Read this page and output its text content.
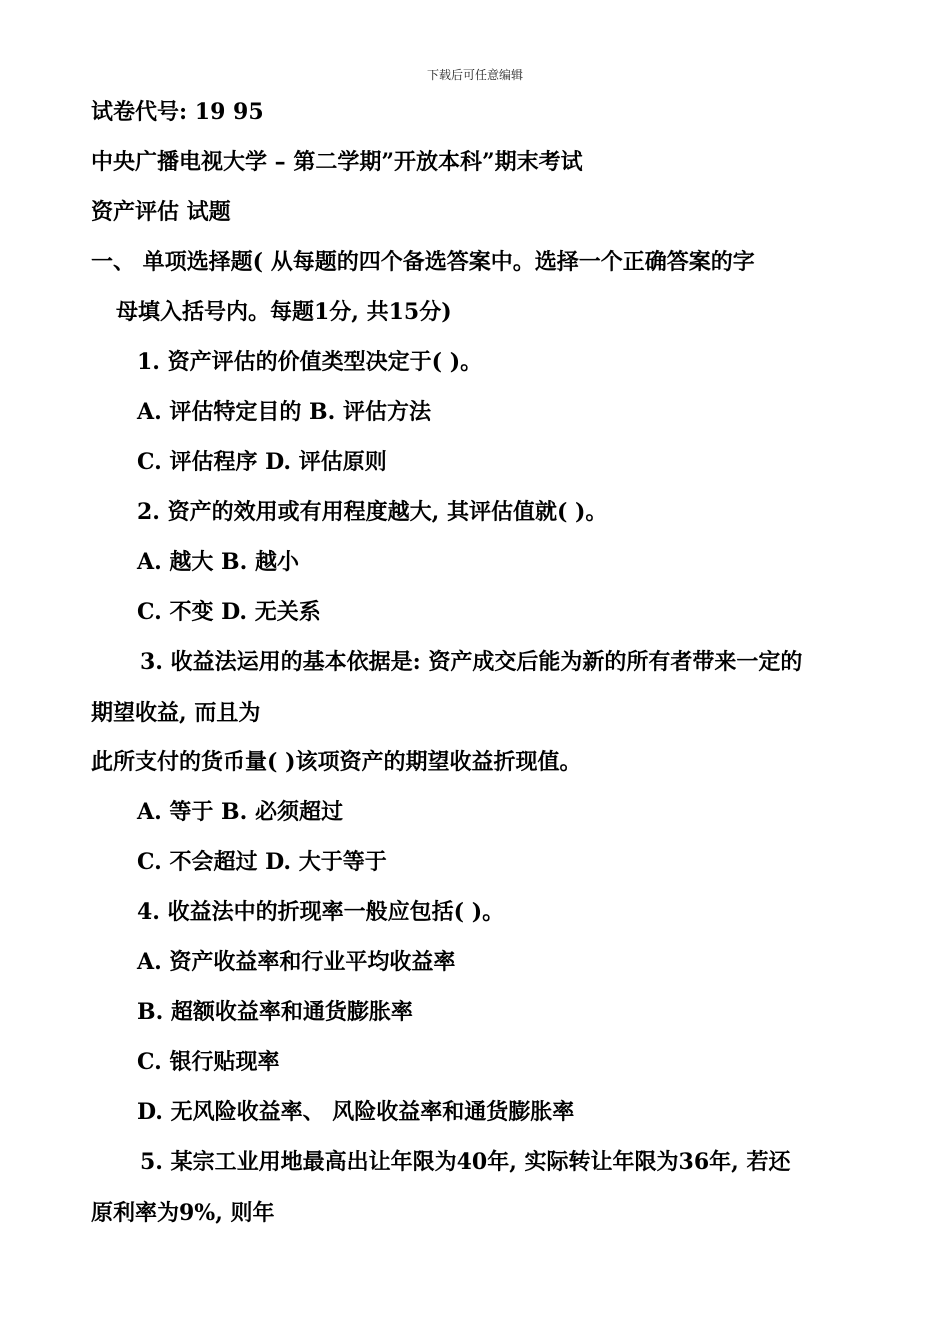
下载后可任意编辑
试卷代号: 19 95
中央广播电视大学 – 第二学期”开放本科”期末考试
资产评估 试题
一、 单项选择题( 从每题的四个备选答案中。选择一个正确答案的字
母填入括号内。每题1分, 共15分)
1. 资产评估的价值类型决定于( )。
A. 评估特定目的 B. 评估方法
C. 评估程序 D. 评估原则
2. 资产的效用或有用程度越大, 其评估值就( )。
A. 越大 B. 越小
C. 不变 D. 无关系
3. 收益法运用的基本依据是: 资产成交后能为新的所有者带来一定的
期望收益, 而且为
此所支付的货币量( )该项资产的期望收益折现值。
A. 等于 B. 必须超过
C. 不会超过 D. 大于等于
4. 收益法中的折现率一般应包括( )。
A. 资产收益率和行业平均收益率
B. 超额收益率和通货膨胀率
C. 银行贴现率
D. 无风险收益率、 风险收益率和通货膨胀率
5. 某宗工业用地最高出让年限为40年, 实际转让年限为36年, 若还
原利率为9%, 则年
